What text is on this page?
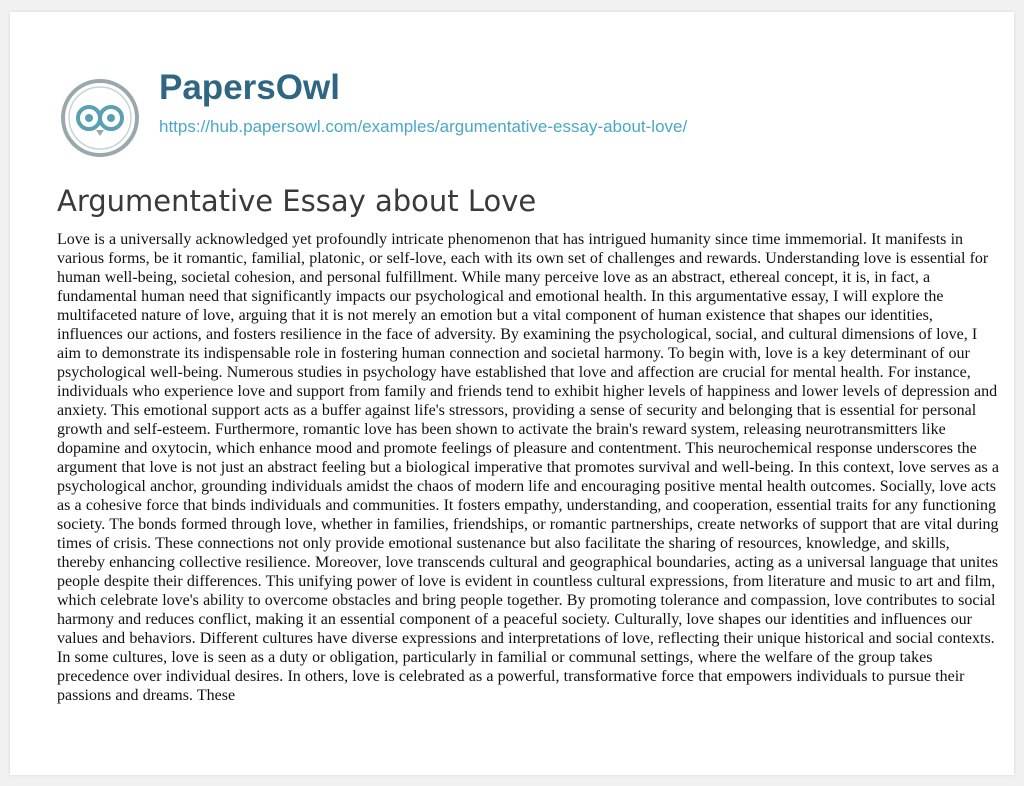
PapersOwl
https://hub.papersowl.com/examples/argumentative-essay-about-love/
Argumentative Essay about Love

Love is a universally acknowledged yet profoundly intricate phenomenon that has intrigued humanity since time immemorial. It manifests in various forms, be it romantic, familial, platonic, or self-love, each with its own set of challenges and rewards. Understanding love is essential for human well-being, societal cohesion, and personal fulfillment. While many perceive love as an abstract, ethereal concept, it is, in fact, a fundamental human need that significantly impacts our psychological and emotional health. In this argumentative essay, I will explore the multifaceted nature of love, arguing that it is not merely an emotion but a vital component of human existence that shapes our identities, influences our actions, and fosters resilience in the face of adversity. By examining the psychological, social, and cultural dimensions of love, I aim to demonstrate its indispensable role in fostering human connection and societal harmony. To begin with, love is a key determinant of our psychological well-being. Numerous studies in psychology have established that love and affection are crucial for mental health. For instance, individuals who experience love and support from family and friends tend to exhibit higher levels of happiness and lower levels of depression and anxiety. This emotional support acts as a buffer against life's stressors, providing a sense of security and belonging that is essential for personal growth and self-esteem. Furthermore, romantic love has been shown to activate the brain's reward system, releasing neurotransmitters like dopamine and oxytocin, which enhance mood and promote feelings of pleasure and contentment. This neurochemical response underscores the argument that love is not just an abstract feeling but a biological imperative that promotes survival and well-being. In this context, love serves as a psychological anchor, grounding individuals amidst the chaos of modern life and encouraging positive mental health outcomes. Socially, love acts as a cohesive force that binds individuals and communities. It fosters empathy, understanding, and cooperation, essential traits for any functioning society. The bonds formed through love, whether in families, friendships, or romantic partnerships, create networks of support that are vital during times of crisis. These connections not only provide emotional sustenance but also facilitate the sharing of resources, knowledge, and skills, thereby enhancing collective resilience. Moreover, love transcends cultural and geographical boundaries, acting as a universal language that unites people despite their differences. This unifying power of love is evident in countless cultural expressions, from literature and music to art and film, which celebrate love's ability to overcome obstacles and bring people together. By promoting tolerance and compassion, love contributes to social harmony and reduces conflict, making it an essential component of a peaceful society. Culturally, love shapes our identities and influences our values and behaviors. Different cultures have diverse expressions and interpretations of love, reflecting their unique historical and social contexts. In some cultures, love is seen as a duty or obligation, particularly in familial or communal settings, where the welfare of the group takes precedence over individual desires. In others, love is celebrated as a powerful, transformative force that empowers individuals to pursue their passions and dreams. These
